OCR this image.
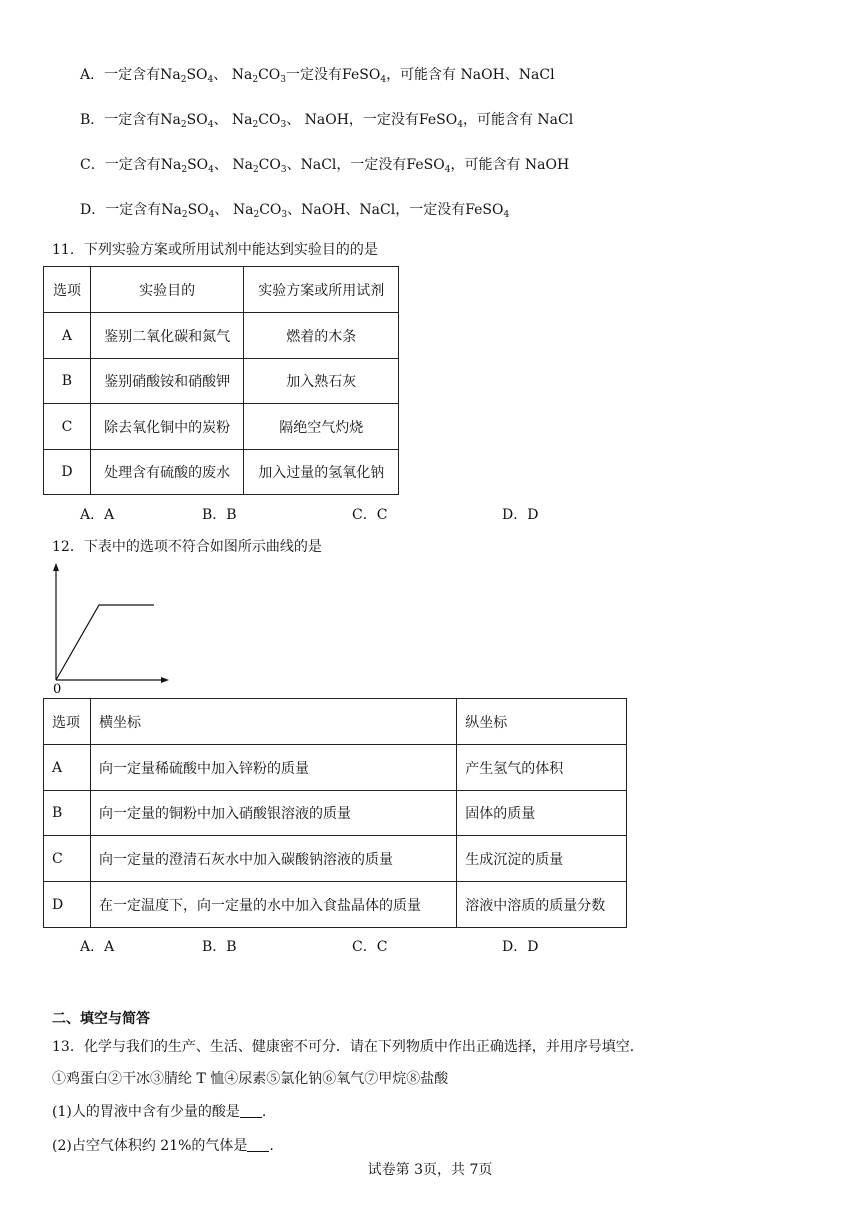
A．一定含有$Na_2SO_4$、 $Na_2CO_3$一定没有FeSO$_4$，可能含有 NaOH、NaCl
B．一定含有$Na_2SO_4$、 $Na_2CO_3$、 NaOH，一定没有FeSO$_4$，可能含有 NaCl
C．一定含有$Na_2SO_4$、 $Na_2CO_3$、NaCl，一定没有FeSO$_4$，可能含有 NaOH
D．一定含有$Na_2SO_4$、 $Na_2CO_3$、NaOH、NaCl，一定没有FeSO$_4$
11．下列实验方案或所用试剂中能达到实验目的的是
选项	实验目的	实验方案或所用试剂
A	鉴别二氧化碳和氮气	燃着的木条
B	鉴别硝酸铵和硝酸钾	加入熟石灰
C	除去氧化铜中的炭粉	隔绝空气灼烧
D	处理含有硫酸的废水	加入过量的氢氧化钠
A．A	B．B	C．C	D．D
12．下表中的选项不符合如图所示曲线的是
0
选项	横坐标	纵坐标
A	向一定量稀硫酸中加入锌粉的质量	产生氢气的体积
B	向一定量的铜粉中加入硝酸银溶液的质量	固体的质量
C	向一定量的澄清石灰水中加入碳酸钠溶液的质量	生成沉淀的质量
D	在一定温度下，向一定量的水中加入食盐晶体的质量	溶液中溶质的质量分数
A．A	B．B	C．C	D．D
二、填空与简答
13．化学与我们的生产、生活、健康密不可分．请在下列物质中作出正确选择，并用序号填空．
①鸡蛋白②干冰③腈纶 T 恤④尿素⑤氯化钠⑥氧气⑦甲烷⑧盐酸
(1)人的胃液中含有少量的酸是 .
(2)占空气体积约 21%的气体是 .
试卷第 3页，共 7页
